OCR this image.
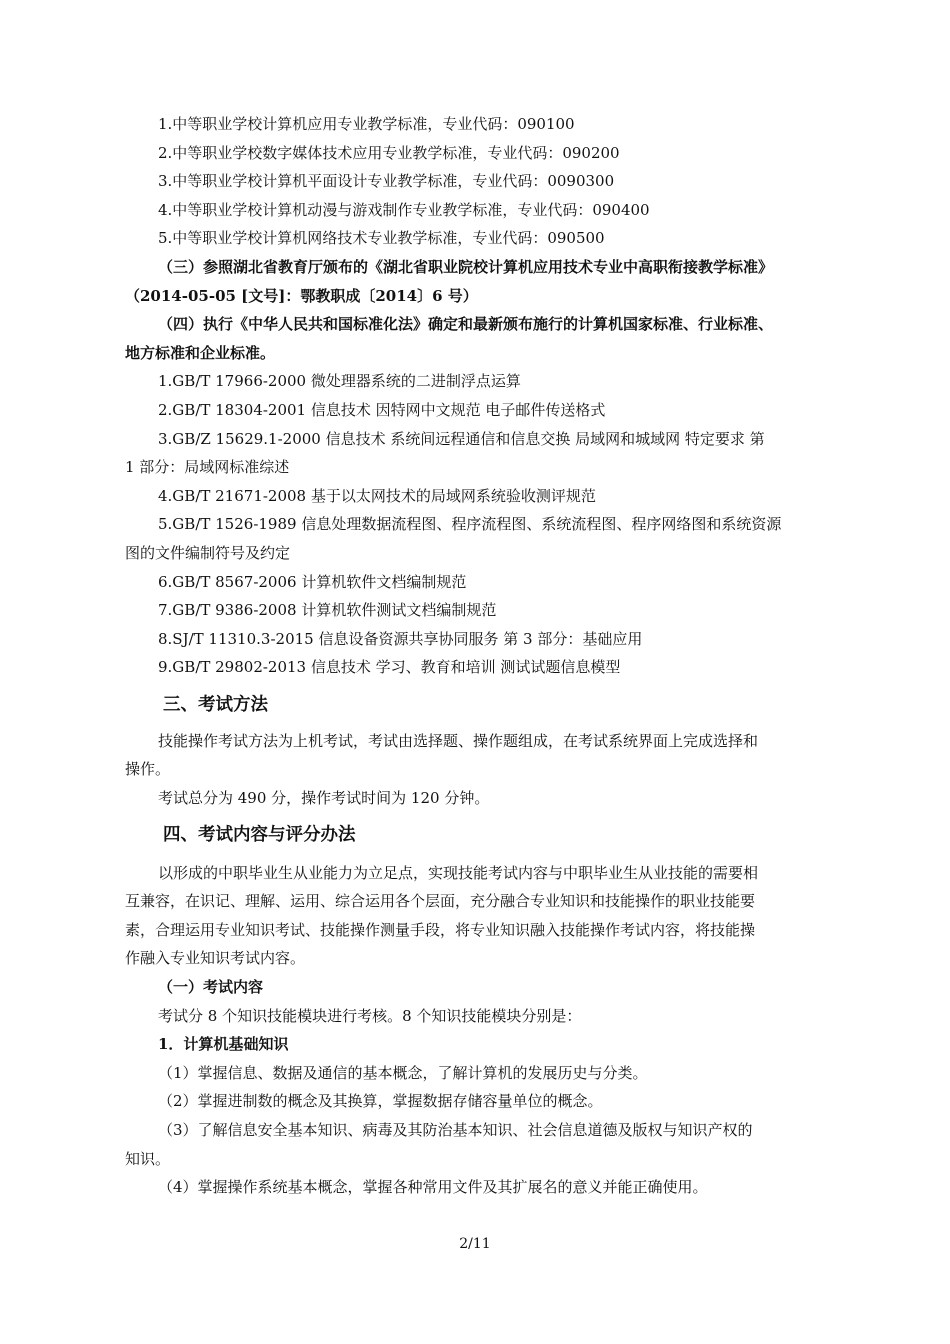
1.中等职业学校计算机应用专业教学标准，专业代码：090100
2.中等职业学校数字媒体技术应用专业教学标准，专业代码：090200
3.中等职业学校计算机平面设计专业教学标准，专业代码：0090300
4.中等职业学校计算机动漫与游戏制作专业教学标准，专业代码：090400
5.中等职业学校计算机网络技术专业教学标准，专业代码：090500
（三）参照湖北省教育厅颁布的《湖北省职业院校计算机应用技术专业中高职衔接教学标准》
（2014-05-05 [文号]：鄂教职成〔2014〕6 号）
（四）执行《中华人民共和国标准化法》确定和最新颁布施行的计算机国家标准、行业标准、
地方标准和企业标准。
1.GB/T 17966-2000 微处理器系统的二进制浮点运算
2.GB/T 18304-2001 信息技术 因特网中文规范 电子邮件传送格式
3.GB/Z 15629.1-2000 信息技术 系统间远程通信和信息交换 局域网和城域网 特定要求 第
1 部分：局域网标准综述
4.GB/T 21671-2008 基于以太网技术的局域网系统验收测评规范
5.GB/T 1526-1989 信息处理数据流程图、程序流程图、系统流程图、程序网络图和系统资源
图的文件编制符号及约定
6.GB/T 8567-2006 计算机软件文档编制规范
7.GB/T 9386-2008 计算机软件测试文档编制规范
8.SJ/T 11310.3-2015 信息设备资源共享协同服务 第 3 部分：基础应用
9.GB/T 29802-2013 信息技术 学习、教育和培训 测试试题信息模型
三、考试方法
技能操作考试方法为上机考试，考试由选择题、操作题组成，在考试系统界面上完成选择和
操作。
考试总分为 490 分，操作考试时间为 120 分钟。
四、考试内容与评分办法
以形成的中职毕业生从业能力为立足点，实现技能考试内容与中职毕业生从业技能的需要相
互兼容，在识记、理解、运用、综合运用各个层面，充分融合专业知识和技能操作的职业技能要
素，合理运用专业知识考试、技能操作测量手段，将专业知识融入技能操作考试内容，将技能操
作融入专业知识考试内容。
（一）考试内容
考试分 8 个知识技能模块进行考核。8 个知识技能模块分别是：
1．计算机基础知识
（1）掌握信息、数据及通信的基本概念，了解计算机的发展历史与分类。
（2）掌握进制数的概念及其换算，掌握数据存储容量单位的概念。
（3）了解信息安全基本知识、病毒及其防治基本知识、社会信息道德及版权与知识产权的
知识。
（4）掌握操作系统基本概念，掌握各种常用文件及其扩展名的意义并能正确使用。
2/11
